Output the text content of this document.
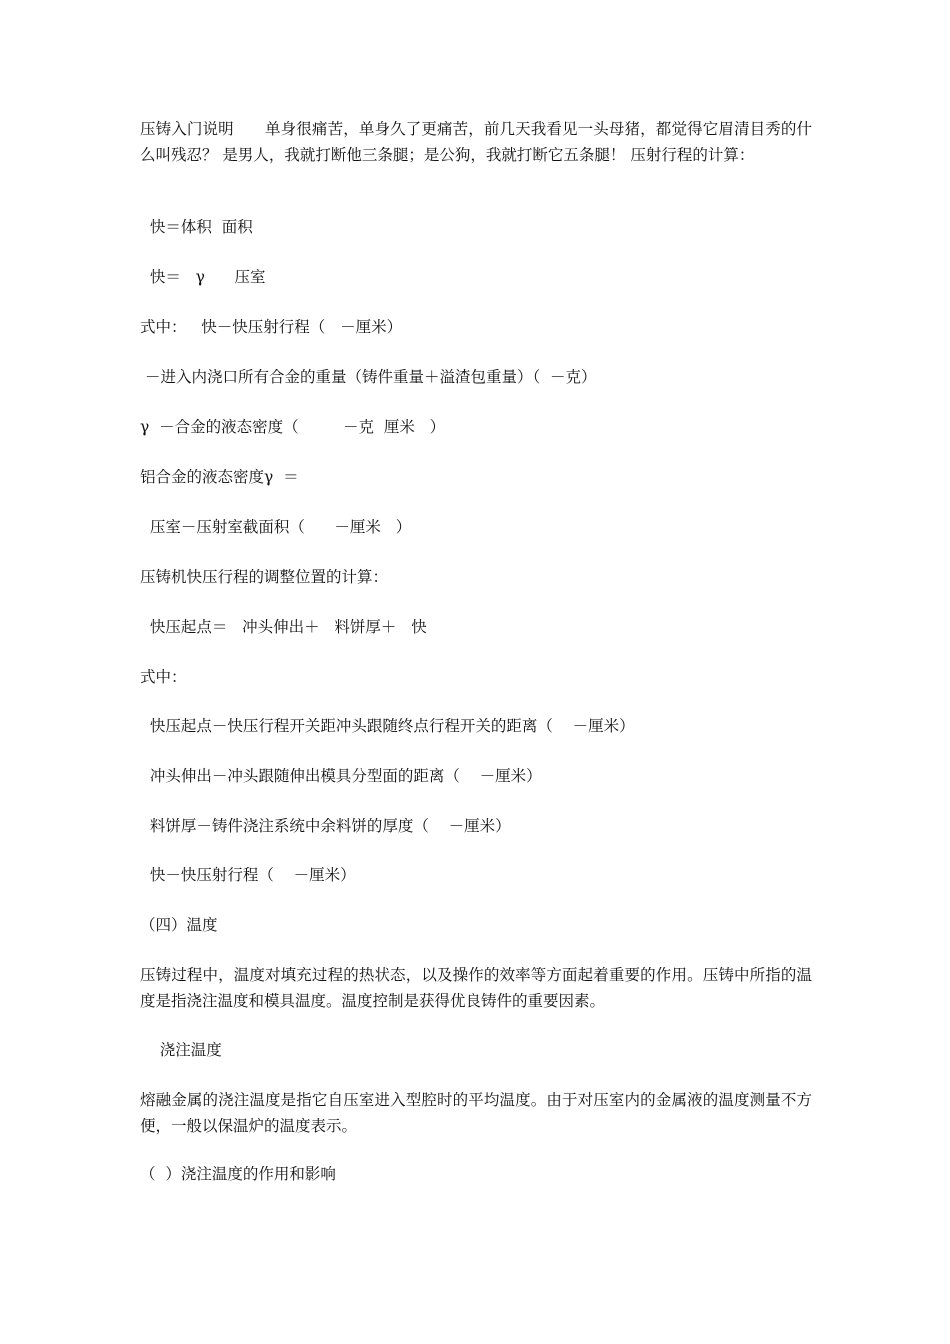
压铸入门说明　　单身很痛苦，单身久了更痛苦，前几天我看见一头母猪，都觉得它眉清目秀的什么叫残忍？ 是男人，我就打断他三条腿；是公狗，我就打断它五条腿！ 压射行程的计算：

快＝体积  面积

快＝   γ      压室

式中：   快－快压射行程（   －厘米）

－进入内浇口所有合金的重量（铸件重量＋溢渣包重量）（  －克）

γ  －合金的液态密度（         －克  厘米   ）

铝合金的液态密度γ  ＝

压室－压射室截面积（      －厘米   ）

压铸机快压行程的调整位置的计算：

快压起点＝   冲头伸出＋   料饼厚＋   快

式中：

快压起点－快压行程开关距冲头跟随终点行程开关的距离（    －厘米）

冲头伸出－冲头跟随伸出模具分型面的距离（    －厘米）

料饼厚－铸件浇注系统中余料饼的厚度（    －厘米）

快－快压射行程（    －厘米）

（四）温度

压铸过程中，温度对填充过程的热状态，以及操作的效率等方面起着重要的作用。压铸中所指的温度是指浇注温度和模具温度。温度控制是获得优良铸件的重要因素。

浇注温度

熔融金属的浇注温度是指它自压室进入型腔时的平均温度。由于对压室内的金属液的温度测量不方便，一般以保温炉的温度表示。

（  ）浇注温度的作用和影响
